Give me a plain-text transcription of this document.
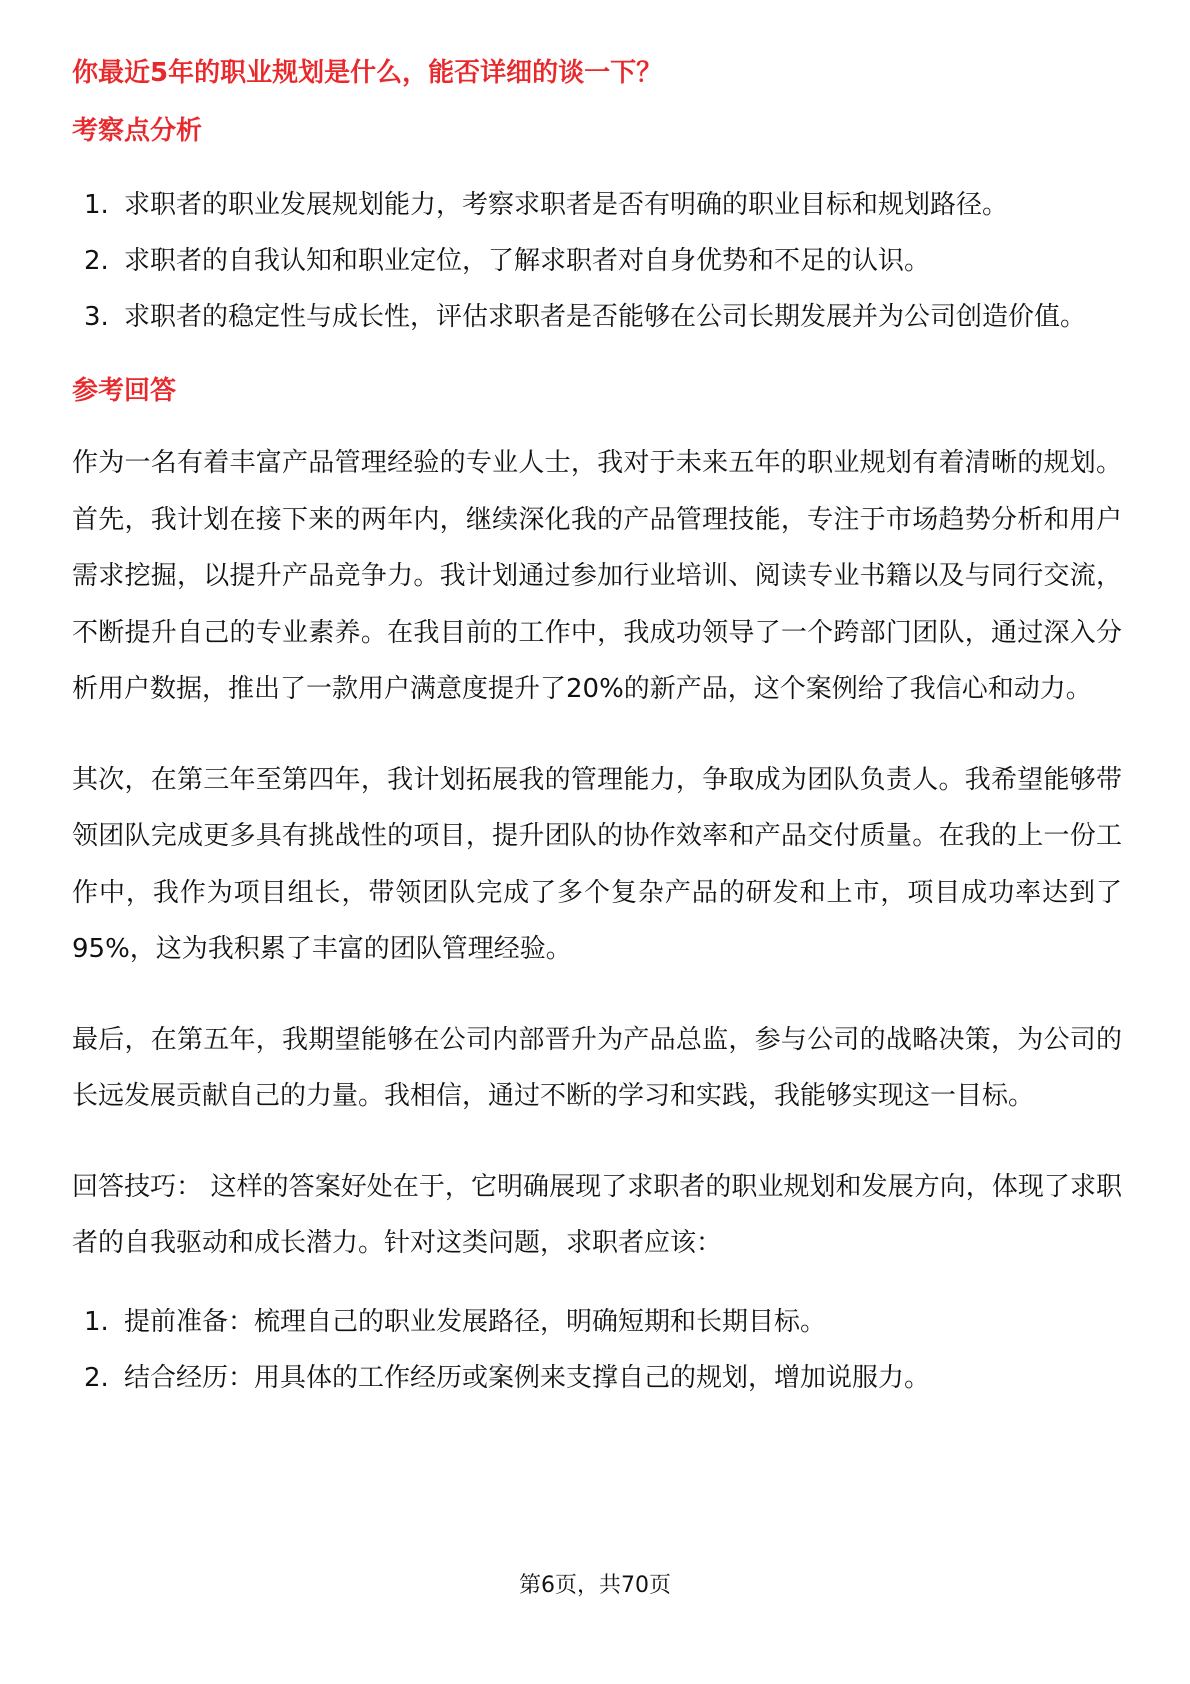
你最近5年的职业规划是什么，能否详细的谈一下？
考察点分析
1. 求职者的职业发展规划能力，考察求职者是否有明确的职业目标和规划路径。
2. 求职者的自我认知和职业定位，了解求职者对自身优势和不足的认识。
3. 求职者的稳定性与成长性，评估求职者是否能够在公司长期发展并为公司创造价值。
参考回答

作为一名有着丰富产品管理经验的专业人士，我对于未来五年的职业规划有着清晰的规划。首先，我计划在接下来的两年内，继续深化我的产品管理技能，专注于市场趋势分析和用户需求挖掘，以提升产品竞争力。我计划通过参加行业培训、阅读专业书籍以及与同行交流，不断提升自己的专业素养。在我目前的工作中，我成功领导了一个跨部门团队，通过深入分析用户数据，推出了一款用户满意度提升了20%的新产品，这个案例给了我信心和动力。

其次，在第三年至第四年，我计划拓展我的管理能力，争取成为团队负责人。我希望能够带领团队完成更多具有挑战性的项目，提升团队的协作效率和产品交付质量。在我的上一份工作中，我作为项目组长，带领团队完成了多个复杂产品的研发和上市，项目成功率达到了95%，这为我积累了丰富的团队管理经验。

最后，在第五年，我期望能够在公司内部晋升为产品总监，参与公司的战略决策，为公司的长远发展贡献自己的力量。我相信，通过不断的学习和实践，我能够实现这一目标。

回答技巧： 这样的答案好处在于，它明确展现了求职者的职业规划和发展方向，体现了求职者的自我驱动和成长潜力。针对这类问题，求职者应该：

1. 提前准备：梳理自己的职业发展路径，明确短期和长期目标。
2. 结合经历：用具体的工作经历或案例来支撑自己的规划，增加说服力。
第6页，共70页
